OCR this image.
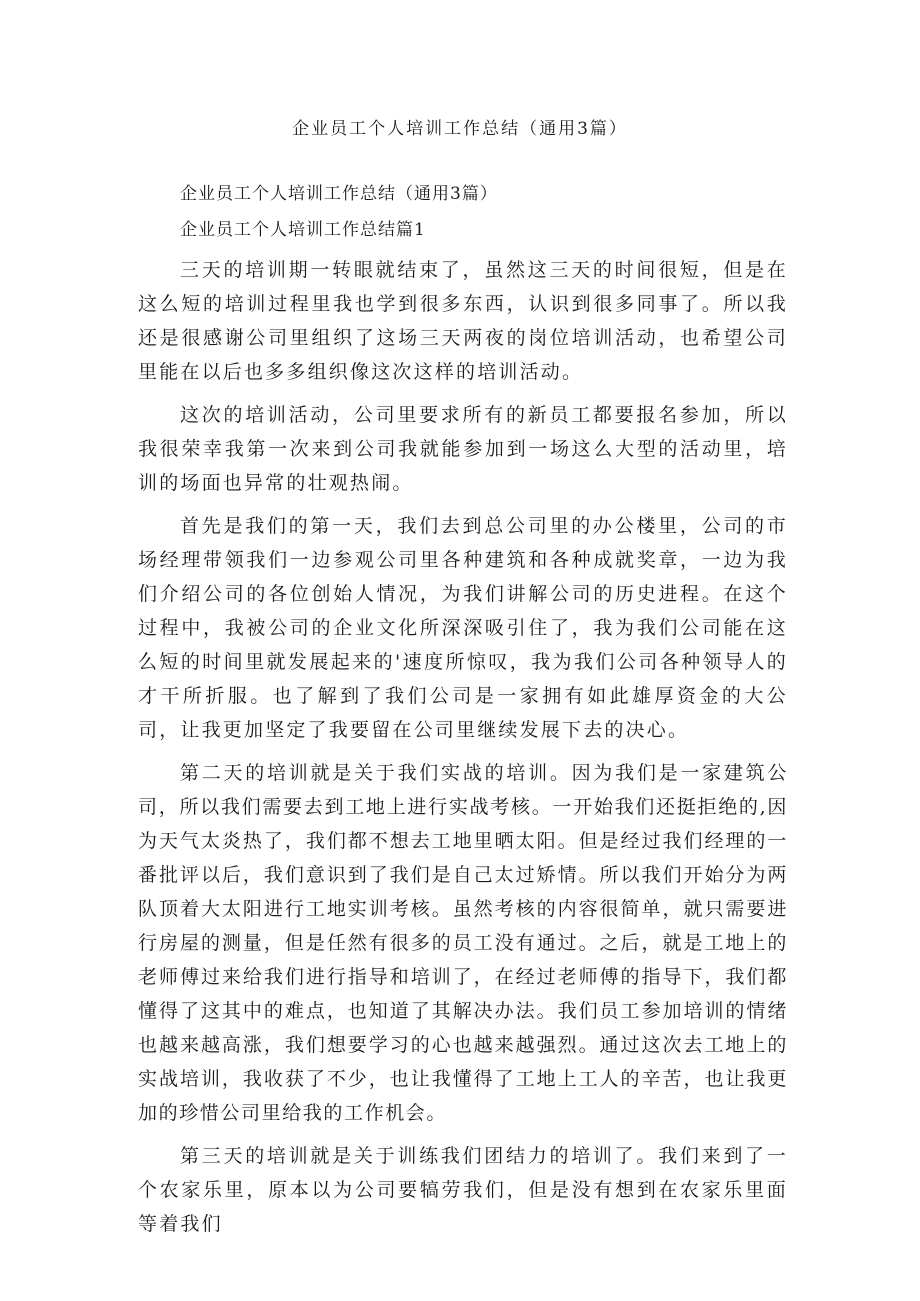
企业员工个人培训工作总结（通用3篇）

企业员工个人培训工作总结（通用3篇）

企业员工个人培训工作总结篇1

三天的培训期一转眼就结束了，虽然这三天的时间很短，但是在这么短的培训过程里我也学到很多东西，认识到很多同事了。所以我还是很感谢公司里组织了这场三天两夜的岗位培训活动，也希望公司里能在以后也多多组织像这次这样的培训活动。

这次的培训活动，公司里要求所有的新员工都要报名参加，所以我很荣幸我第一次来到公司我就能参加到一场这么大型的活动里，培训的场面也异常的壮观热闹。

首先是我们的第一天，我们去到总公司里的办公楼里，公司的市场经理带领我们一边参观公司里各种建筑和各种成就奖章，一边为我们介绍公司的各位创始人情况，为我们讲解公司的历史进程。在这个过程中，我被公司的企业文化所深深吸引住了，我为我们公司能在这么短的时间里就发展起来的'速度所惊叹，我为我们公司各种领导人的才干所折服。也了解到了我们公司是一家拥有如此雄厚资金的大公司，让我更加坚定了我要留在公司里继续发展下去的决心。

第二天的培训就是关于我们实战的培训。因为我们是一家建筑公司，所以我们需要去到工地上进行实战考核。一开始我们还挺拒绝的,因为天气太炎热了，我们都不想去工地里晒太阳。但是经过我们经理的一番批评以后，我们意识到了我们是自己太过矫情。所以我们开始分为两队顶着大太阳进行工地实训考核。虽然考核的内容很简单，就只需要进行房屋的测量，但是任然有很多的员工没有通过。之后，就是工地上的老师傅过来给我们进行指导和培训了，在经过老师傅的指导下，我们都懂得了这其中的难点，也知道了其解决办法。我们员工参加培训的情绪也越来越高涨，我们想要学习的心也越来越强烈。通过这次去工地上的实战培训，我收获了不少，也让我懂得了工地上工人的辛苦，也让我更加的珍惜公司里给我的工作机会。

第三天的培训就是关于训练我们团结力的培训了。我们来到了一个农家乐里，原本以为公司要犒劳我们，但是没有想到在农家乐里面等着我们
